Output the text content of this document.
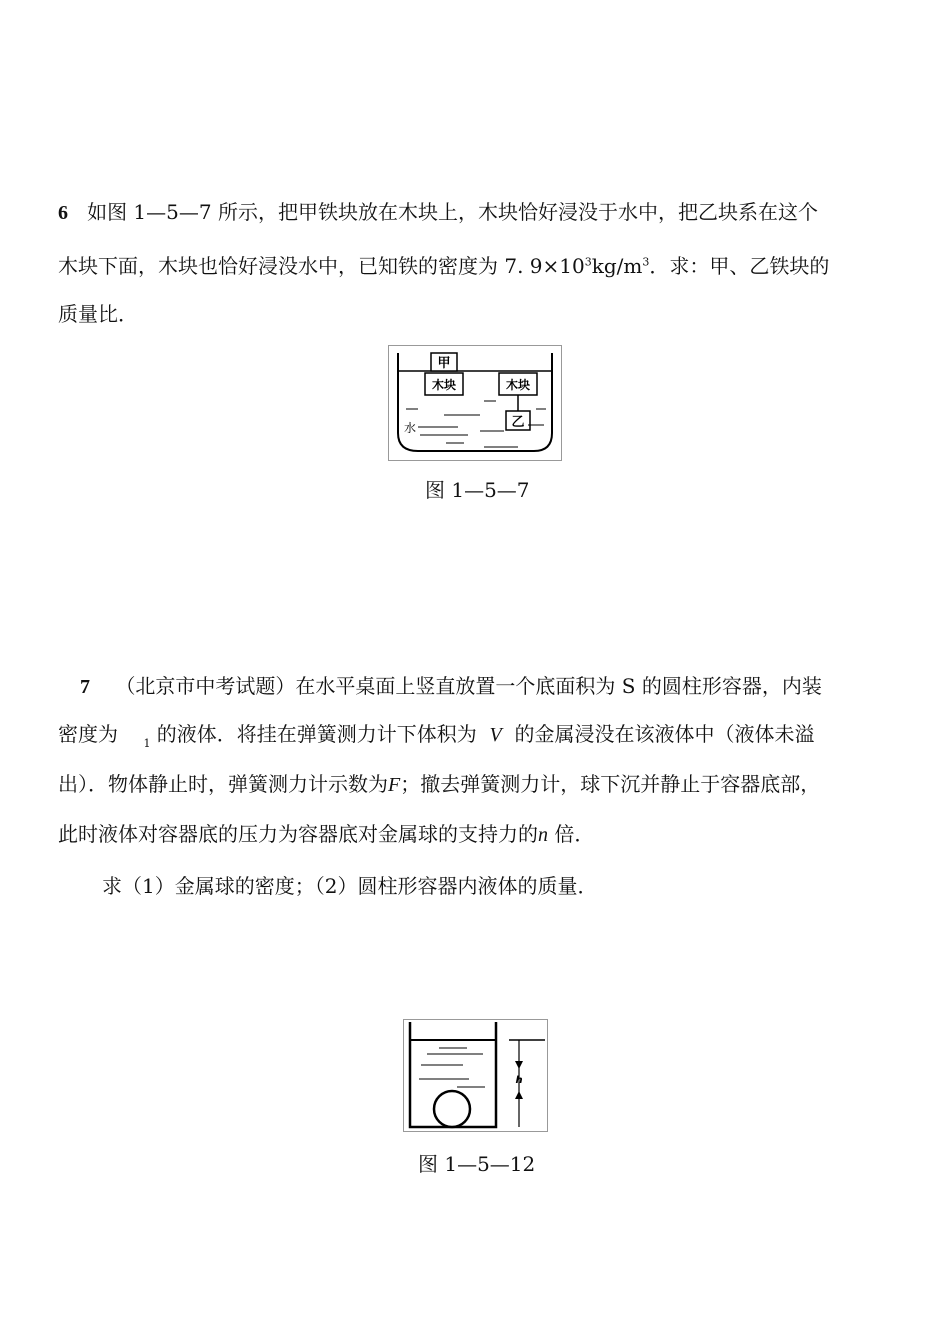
6 如图 1—5—7 所示，把甲铁块放在木块上，木块恰好浸没于水中，把乙块系在这个
木块下面，木块也恰好浸没水中，已知铁的密度为 7. $9\times 10^3kg/m^3$．求：甲、乙铁块的
质量比．
甲
木块	木块
乙
水
图 1—5—7
7 （北京市中考试题）在水平桌面上竖直放置一个底面积为 S 的圆柱形容器，内装
密度为 $_1$ 的液体．将挂在弹簧测力计下体积为 V 的金属浸没在该液体中（液体未溢
出）．物体静止时，弹簧测力计示数为F；撤去弹簧测力计，球下沉并静止于容器底部，
此时液体对容器底的压力为容器底对金属球的支持力的n 倍．
求（1）金属球的密度；（2）圆柱形容器内液体的质量．
h
图 1—5—12
